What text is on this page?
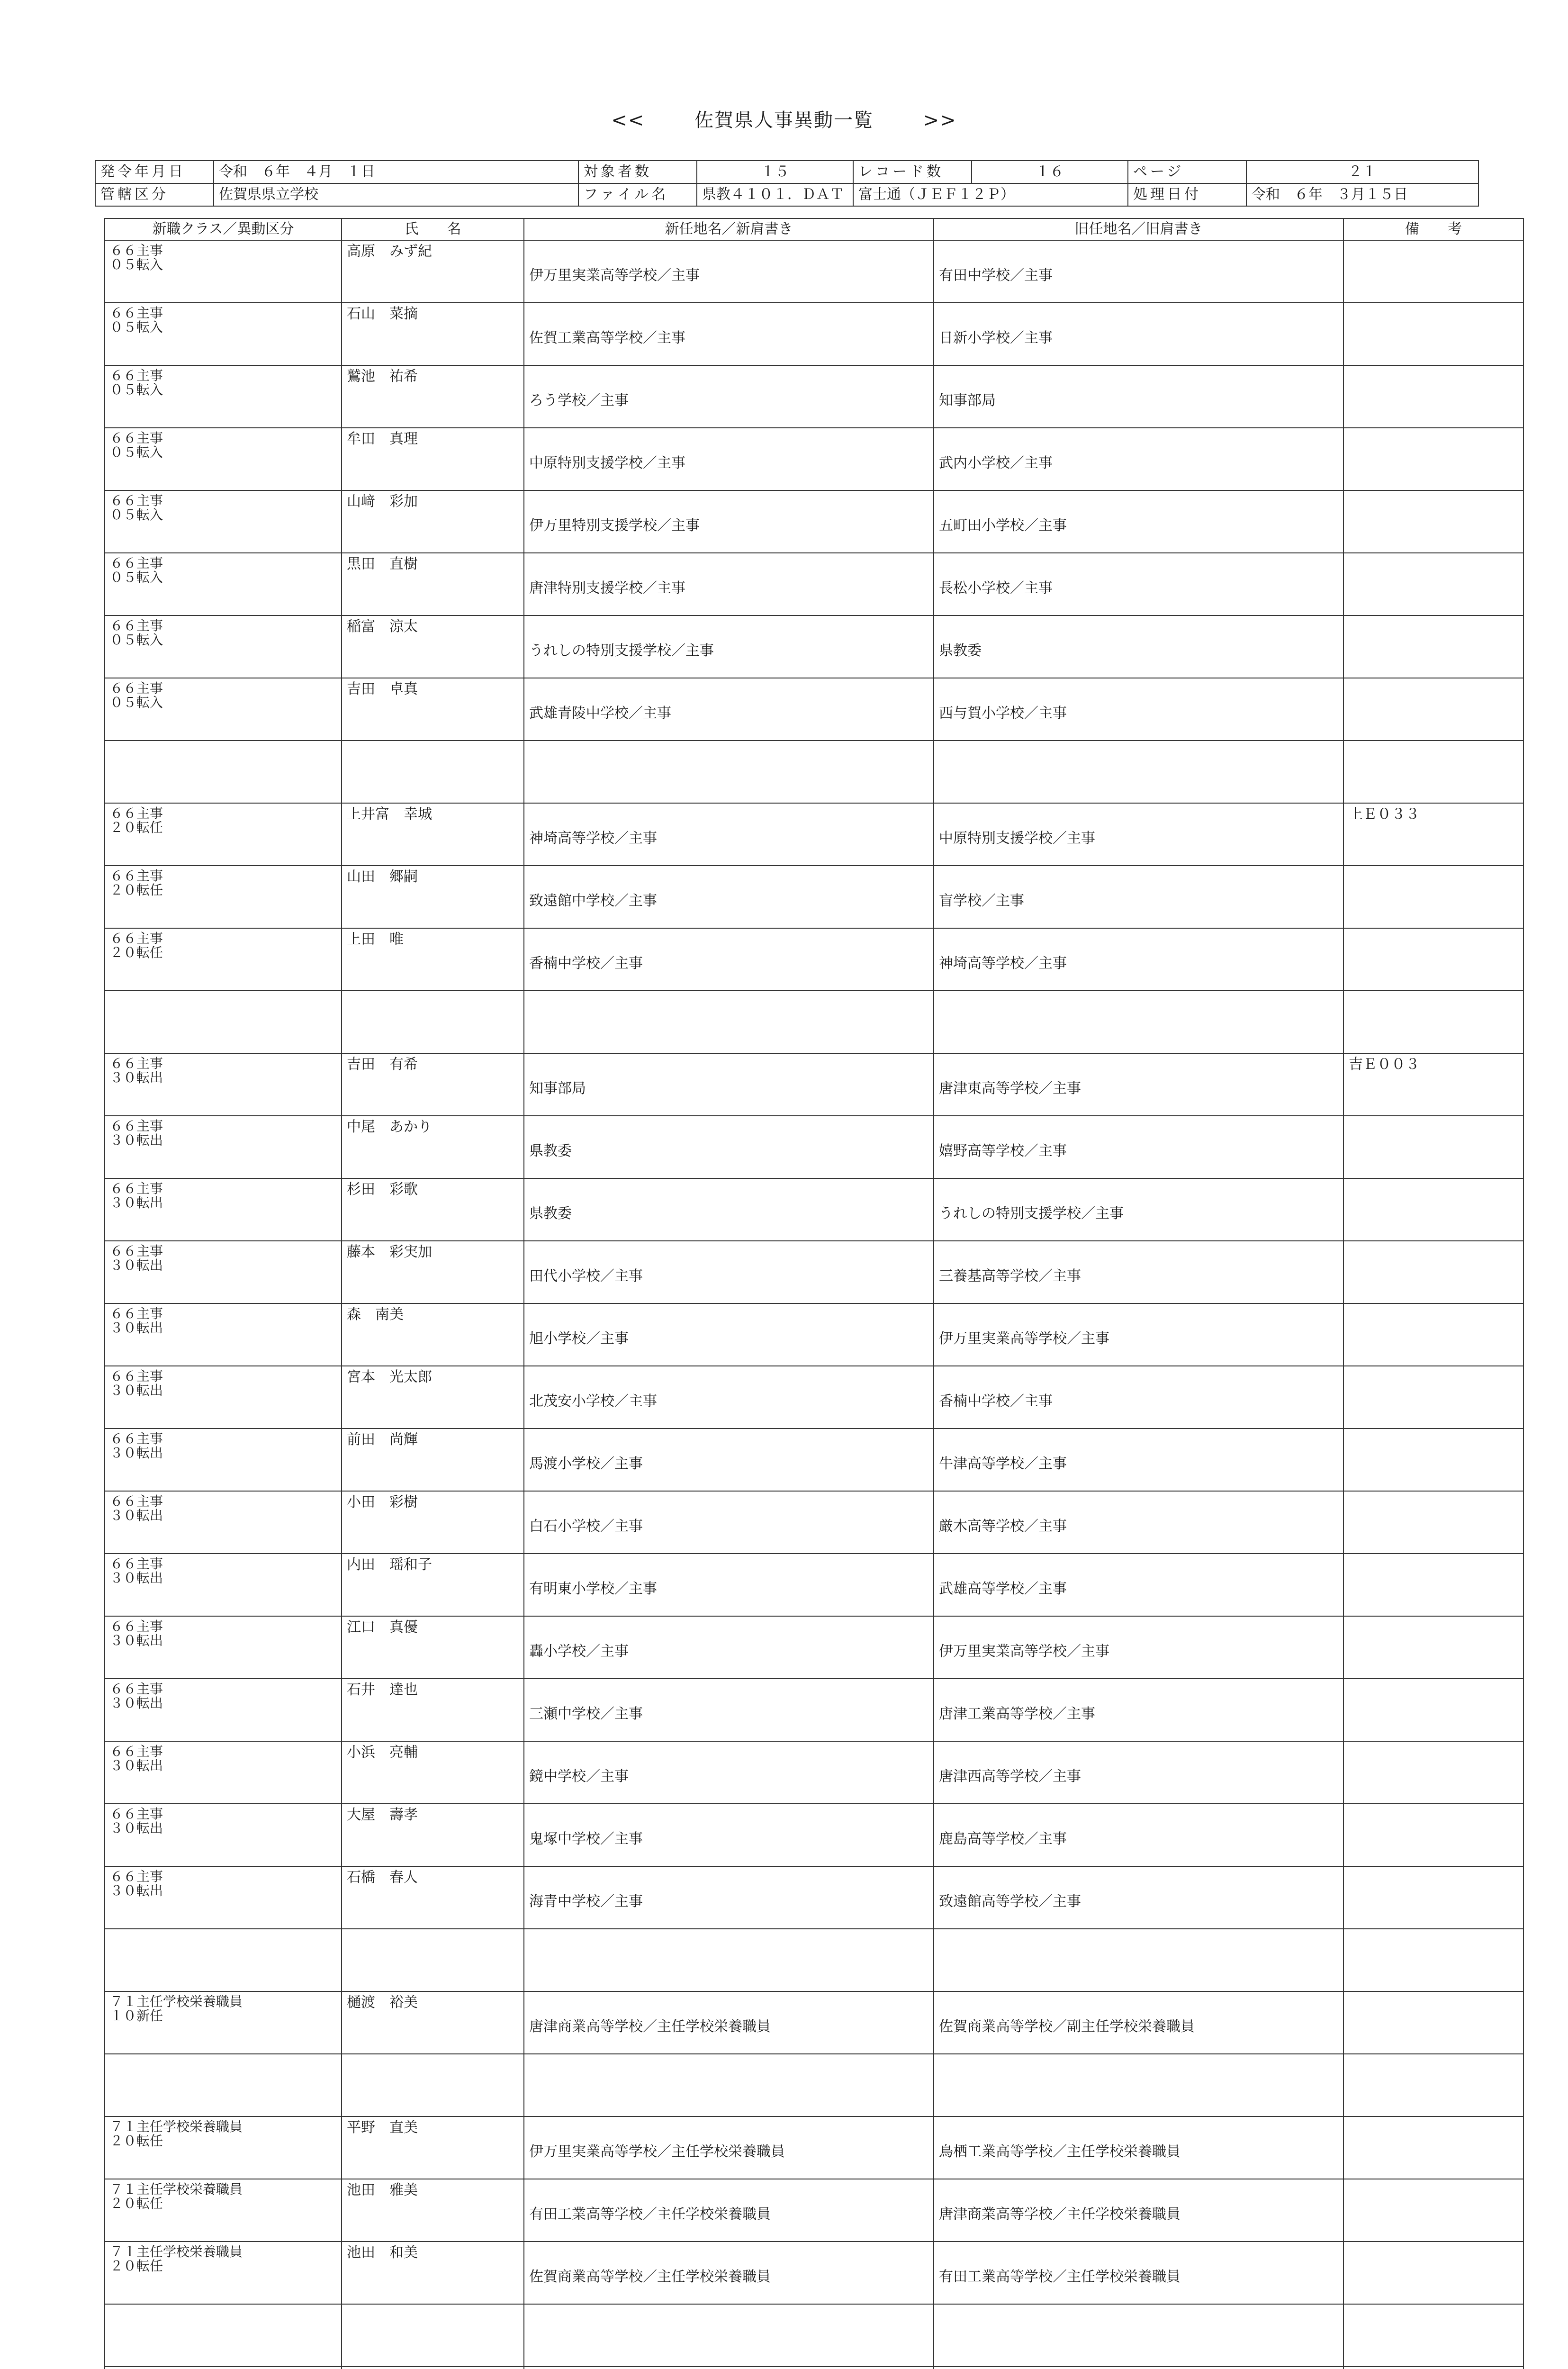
<<	佐賀県人事異動一覧	>>
発令年月日	令和　６年　４月　１日	対象者数	１５	レコード数	１６	ページ	２１
管轄区分	佐賀県県立学校	ファイル名	県教４１０１．ＤＡＴ	富士通（ＪＥＦ１２Ｐ）		処理日付	令和　６年　３月１５日
新職クラス／異動区分	氏　　名	新任地名／新肩書き	旧任地名／旧肩書き	備　　考

６６主事
０５転入	高原　みず紀	伊万里実業高等学校／主事	有田中学校／主事	

６６主事
０５転入	石山　菜摘	佐賀工業高等学校／主事	日新小学校／主事	

６６主事
０５転入	鷲池　祐希	ろう学校／主事	知事部局	

６６主事
０５転入	牟田　真理	中原特別支援学校／主事	武内小学校／主事	

６６主事
０５転入	山﨑　彩加	伊万里特別支援学校／主事	五町田小学校／主事	

６６主事
０５転入	黒田　直樹	唐津特別支援学校／主事	長松小学校／主事	

６６主事
０５転入	稲富　涼太	うれしの特別支援学校／主事	県教委	

６６主事
０５転入	吉田　卓真	武雄青陵中学校／主事	西与賀小学校／主事	

６６主事
２０転任	上井富　幸城	神埼高等学校／主事	中原特別支援学校／主事	上Ｅ０３３

６６主事
２０転任	山田　郷嗣	致遠館中学校／主事	盲学校／主事	

６６主事
２０転任	上田　唯	香楠中学校／主事	神埼高等学校／主事	

６６主事
３０転出	吉田　有希	知事部局	唐津東高等学校／主事	吉Ｅ００３

６６主事
３０転出	中尾　あかり	県教委	嬉野高等学校／主事	

６６主事
３０転出	杉田　彩歌	県教委	うれしの特別支援学校／主事	

６６主事
３０転出	藤本　彩実加	田代小学校／主事	三養基高等学校／主事	

６６主事
３０転出	森　南美	旭小学校／主事	伊万里実業高等学校／主事	

６６主事
３０転出	宮本　光太郎	北茂安小学校／主事	香楠中学校／主事	

６６主事
３０転出	前田　尚輝	馬渡小学校／主事	牛津高等学校／主事	

６６主事
３０転出	小田　彩樹	白石小学校／主事	厳木高等学校／主事	

６６主事
３０転出	内田　瑶和子	有明東小学校／主事	武雄高等学校／主事	

６６主事
３０転出	江口　真優	轟小学校／主事	伊万里実業高等学校／主事	

６６主事
３０転出	石井　達也	三瀬中学校／主事	唐津工業高等学校／主事	

６６主事
３０転出	小浜　亮輔	鏡中学校／主事	唐津西高等学校／主事	

６６主事
３０転出	大屋　壽孝	鬼塚中学校／主事	鹿島高等学校／主事	

６６主事
３０転出	石橋　春人	海青中学校／主事	致遠館高等学校／主事	

７１主任学校栄養職員
１０新任	樋渡　裕美	唐津商業高等学校／主任学校栄養職員	佐賀商業高等学校／副主任学校栄養職員	

７１主任学校栄養職員
２０転任	平野　直美	伊万里実業高等学校／主任学校栄養職員	鳥栖工業高等学校／主任学校栄養職員	

７１主任学校栄養職員
２０転任	池田　雅美	有田工業高等学校／主任学校栄養職員	唐津商業高等学校／主任学校栄養職員	

７１主任学校栄養職員
２０転任	池田　和美	佐賀商業高等学校／主任学校栄養職員	有田工業高等学校／主任学校栄養職員	
